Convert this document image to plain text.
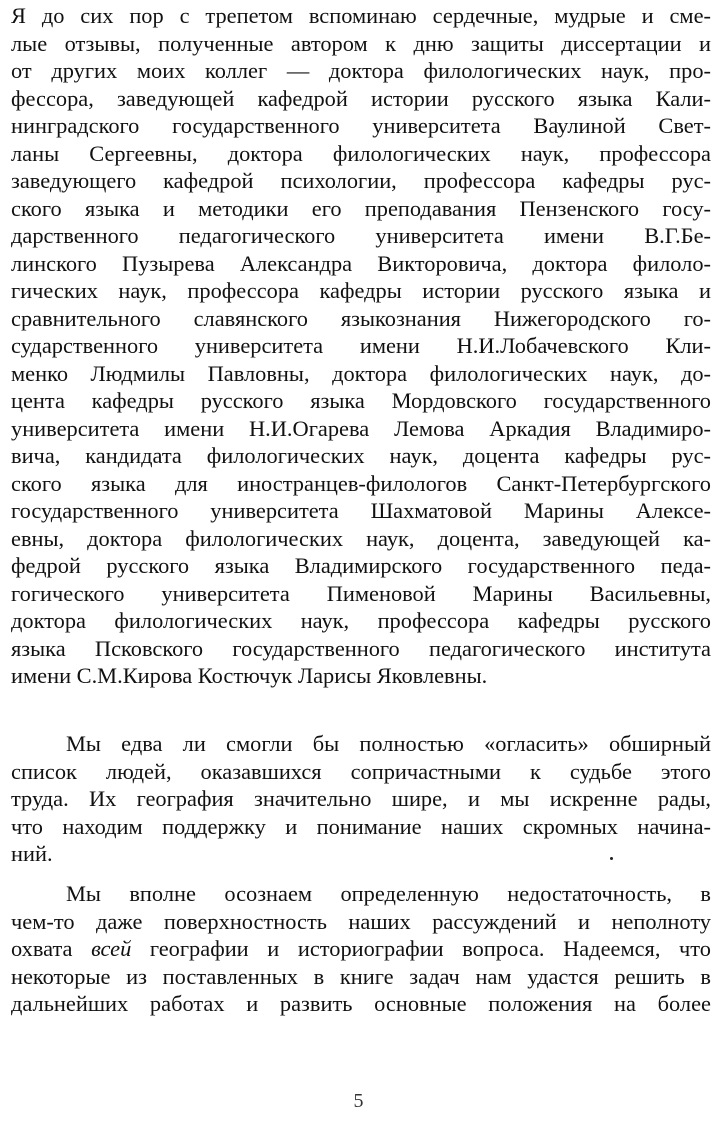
Я до сих пор с трепетом вспоминаю сердечные, мудрые и сме-
лые отзывы, полученные автором к дню защиты диссертации и
от других моих коллег — доктора филологических наук, про-
фессора, заведующей кафедрой истории русского языка Кали-
нинградского государственного университета Ваулиной Свет-
ланы Сергеевны, доктора филологических наук, профессора
заведующего кафедрой психологии, профессора кафедры рус-
ского языка и методики его преподавания Пензенского госу-
дарственного педагогического университета имени В.Г.Бе-
линского Пузырева Александра Викторовича, доктора филоло-
гических наук, профессора кафедры истории русского языка и
сравнительного славянского языкознания Нижегородского го-
сударственного университета имени Н.И.Лобачевского Кли-
менко Людмилы Павловны, доктора филологических наук, до-
цента кафедры русского языка Мордовского государственного
университета имени Н.И.Огарева Лемова Аркадия Владимиро-
вича, кандидата филологических наук, доцента кафедры рус-
ского языка для иностранцев-филологов Санкт-Петербургского
государственного университета Шахматовой Марины Алексе-
евны, доктора филологических наук, доцента, заведующей ка-
федрой русского языка Владимирского государственного педа-
гогического университета Пименовой Марины Васильевны,
доктора филологических наук, профессора кафедры русского
языка Псковского государственного педагогического института
имени С.М.Кирова Костючук Ларисы Яковлевны.
Мы едва ли смогли бы полностью «огласить» обширный
список людей, оказавшихся сопричастными к судьбе этого
труда. Их география значительно шире, и мы искренне рады,
что находим поддержку и понимание наших скромных начина-
ний.
Мы вполне осознаем определенную недостаточность, в
чем-то даже поверхностность наших рассуждений и неполноту
охвата всей географии и историографии вопроса. Надеемся, что
некоторые из поставленных в книге задач нам удастся решить в
дальнейших работах и развить основные положения на более
5
